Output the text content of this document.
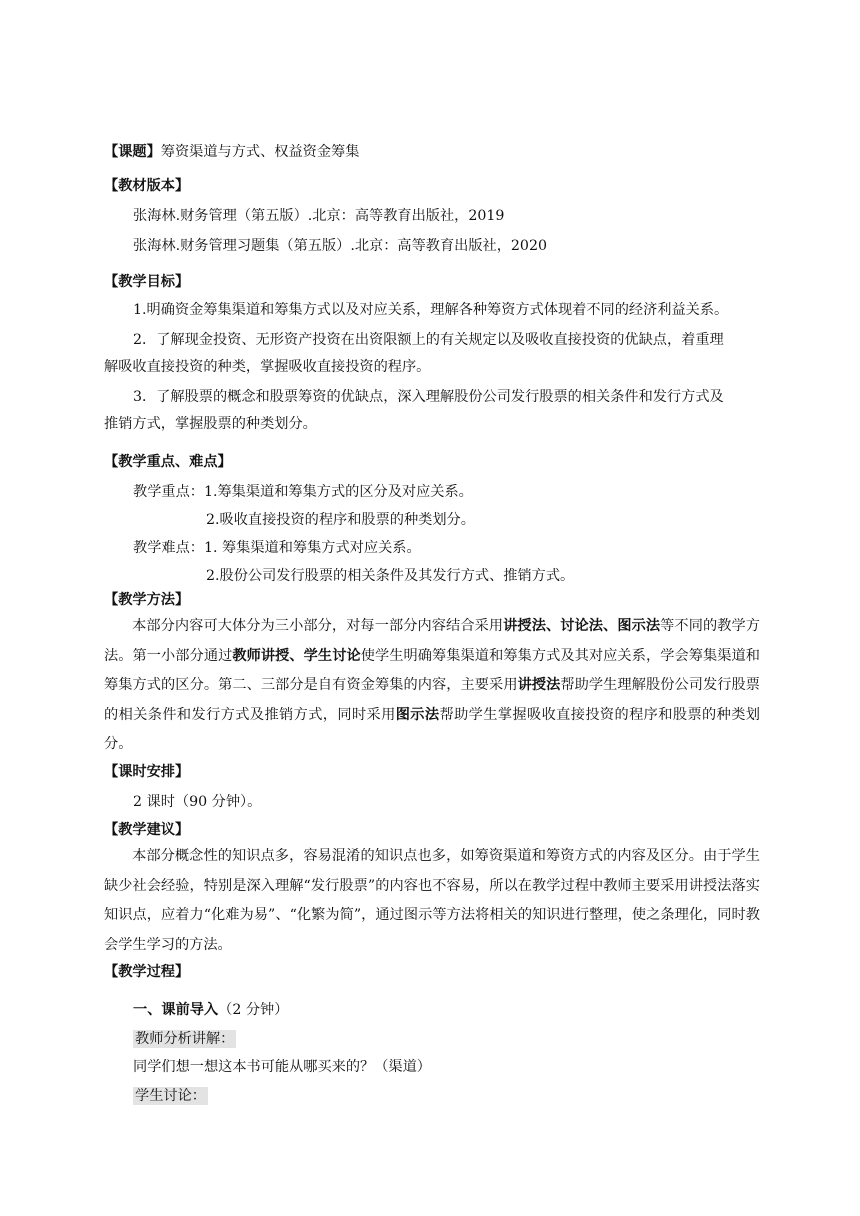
【课题】筹资渠道与方式、权益资金筹集
【教材版本】
张海林.财务管理（第五版）.北京：高等教育出版社，2019
张海林.财务管理习题集（第五版）.北京：高等教育出版社，2020
【教学目标】
1.明确资金筹集渠道和筹集方式以及对应关系，理解各种筹资方式体现着不同的经济利益关系。
2．了解现金投资、无形资产投资在出资限额上的有关规定以及吸收直接投资的优缺点，着重理
解吸收直接投资的种类，掌握吸收直接投资的程序。
3．了解股票的概念和股票筹资的优缺点，深入理解股份公司发行股票的相关条件和发行方式及
推销方式，掌握股票的种类划分。
【教学重点、难点】
教学重点：1.筹集渠道和筹集方式的区分及对应关系。
2.吸收直接投资的程序和股票的种类划分。
教学难点：1. 筹集渠道和筹集方式对应关系。
2.股份公司发行股票的相关条件及其发行方式、推销方式。
【教学方法】
本部分内容可大体分为三小部分，对每一部分内容结合采用讲授法、讨论法、图示法等不同的教学方法。第一小部分通过教师讲授、学生讨论使学生明确筹集渠道和筹集方式及其对应关系，学会筹集渠道和筹集方式的区分。第二、三部分是自有资金筹集的内容，主要采用讲授法帮助学生理解股份公司发行股票的相关条件和发行方式及推销方式，同时采用图示法帮助学生掌握吸收直接投资的程序和股票的种类划分。
【课时安排】
2 课时（90 分钟）。
【教学建议】
本部分概念性的知识点多，容易混淆的知识点也多，如筹资渠道和筹资方式的内容及区分。由于学生缺少社会经验，特别是深入理解“发行股票”的内容也不容易，所以在教学过程中教师主要采用讲授法落实知识点，应着力“化难为易”、“化繁为简”，通过图示等方法将相关的知识进行整理，使之条理化，同时教会学生学习的方法。
【教学过程】
一、课前导入（2 分钟）
教师分析讲解：
同学们想一想这本书可能从哪买来的？（渠道）
学生讨论：
